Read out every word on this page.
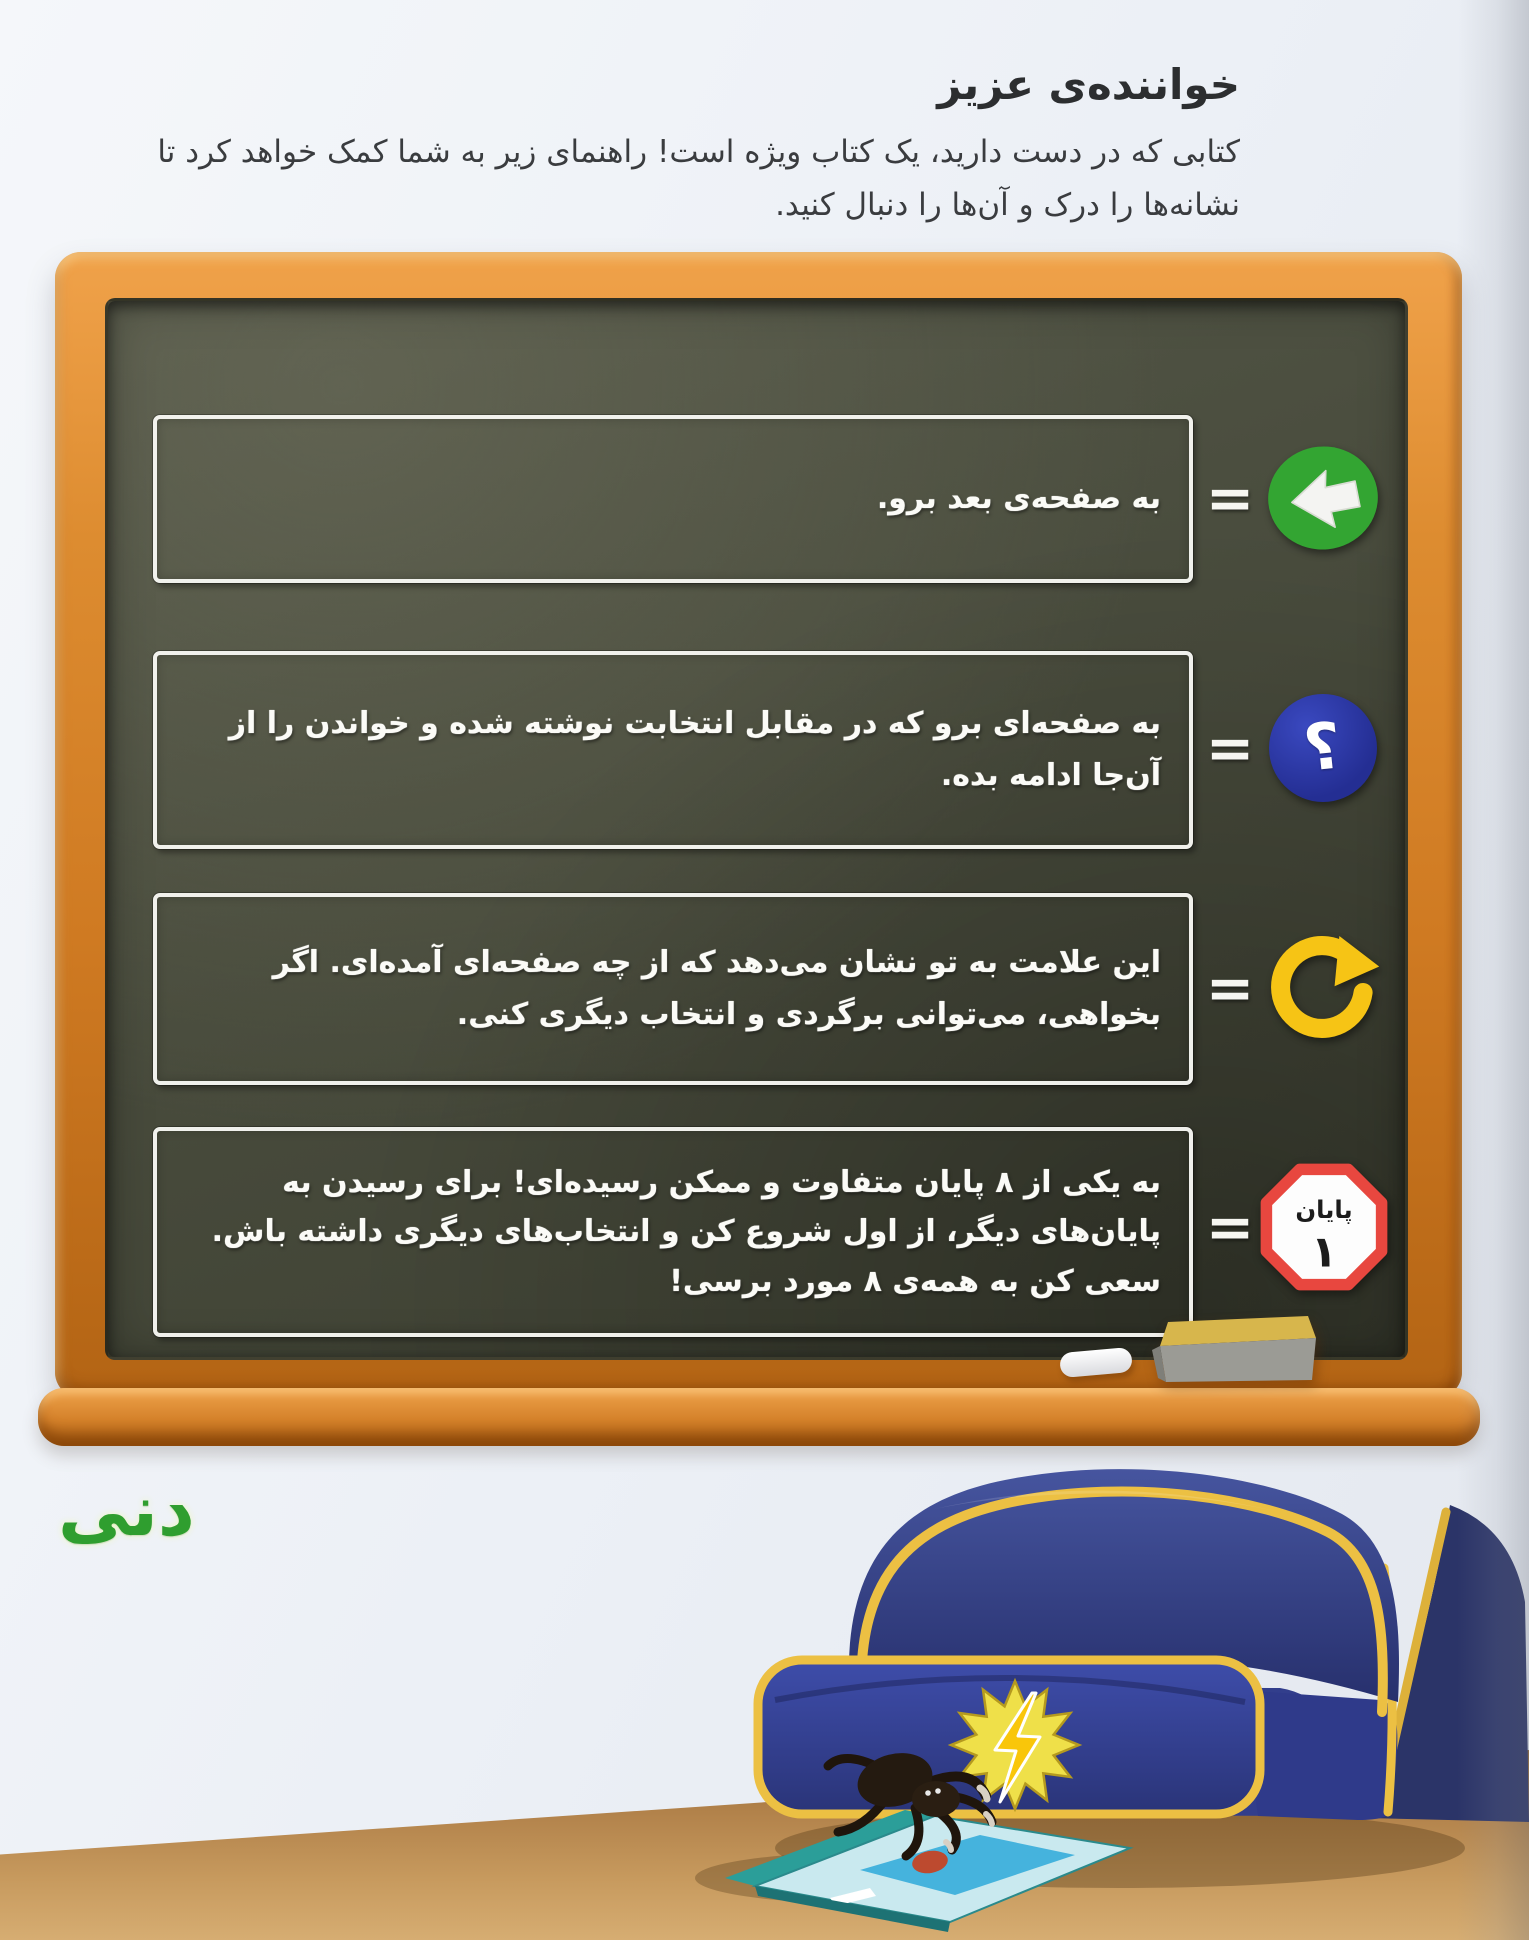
خواننده‌ی عزیز
کتابی که در دست دارید، یک کتاب ویژه است! راهنمای زیر به شما کمک خواهد کرد تا
نشانه‌ها را درک و آن‌ها را دنبال کنید.
به صفحه‌ی بعد برو. =
به صفحه‌ای برو که در مقابل انتخابت نوشته شده و خواندن را از آن‌جا ادامه بده. = ؟
این علامت به تو نشان می‌دهد که از چه صفحه‌ای آمده‌ای. اگر بخواهی، می‌توانی برگردی و انتخاب دیگری کنی. =
به یکی از ۸ پایان متفاوت و ممکن رسیده‌ای! برای رسیدن به پایان‌های دیگر، از اول شروع کن و انتخاب‌های دیگری داشته باش. سعی کن به همه‌ی ۸ مورد برسی!
=	پایان
۱
دنی
